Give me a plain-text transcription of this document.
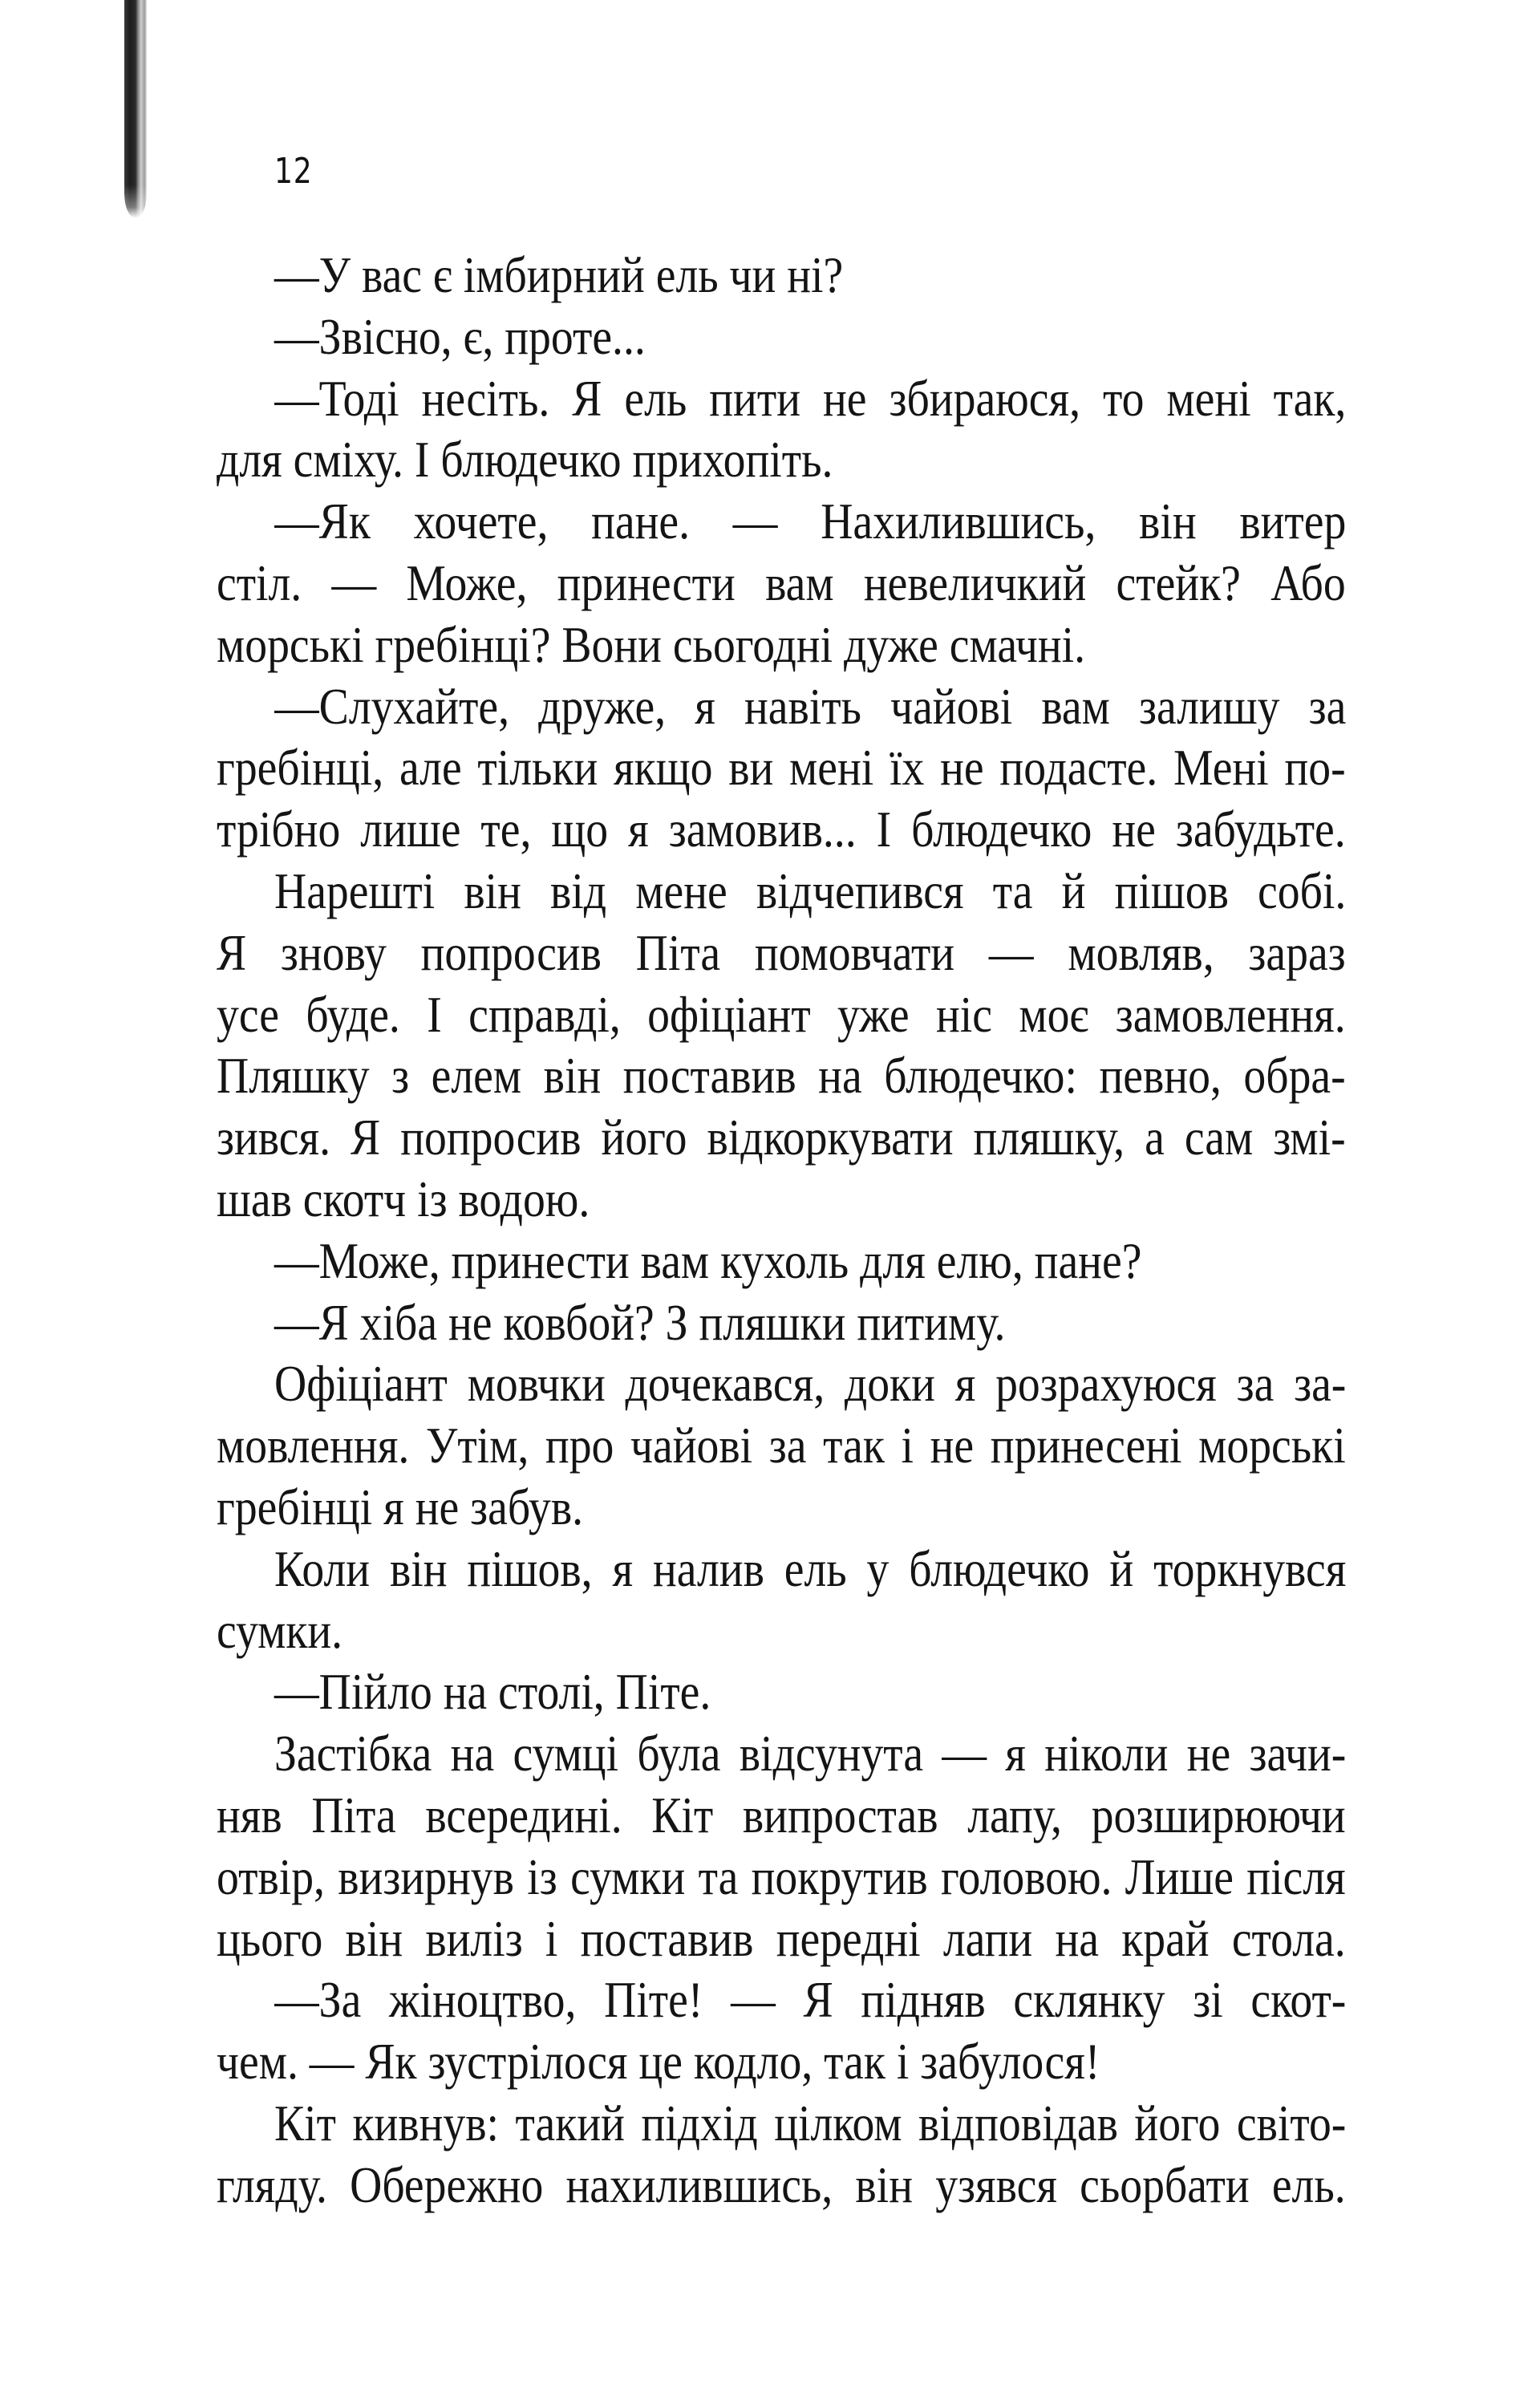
12
—У вас є імбирний ель чи ні?
—Звісно, є, проте...
—Тоді несіть. Я ель пити не збираюся, то мені так,
для сміху. І блюдечко прихопіть.
—Як хочете, пане. — Нахилившись, він витер
стіл. — Може, принести вам невеличкий стейк? Або
морські гребінці? Вони сьогодні дуже смачні.
—Слухайте, друже, я навіть чайові вам залишу за
гребінці, але тільки якщо ви мені їх не подасте. Мені по-
трібно лише те, що я замовив... І блюдечко не забудьте.
Нарешті він від мене відчепився та й пішов собі.
Я знову попросив Піта помовчати — мовляв, зараз
усе буде. І справді, офіціант уже ніс моє замовлення.
Пляшку з елем він поставив на блюдечко: певно, обра-
зився. Я попросив його відкоркувати пляшку, а сам змі-
шав скотч із водою.
—Може, принести вам кухоль для елю, пане?
—Я хіба не ковбой? З пляшки питиму.
Офіціант мовчки дочекався, доки я розрахуюся за за-
мовлення. Утім, про чайові за так і не принесені морські
гребінці я не забув.
Коли він пішов, я налив ель у блюдечко й торкнувся
сумки.
—Пійло на столі, Піте.
Застібка на сумці була відсунута — я ніколи не зачи-
няв Піта всередині. Кіт випростав лапу, розширюючи
отвір, визирнув із сумки та покрутив головою. Лише після
цього він виліз і поставив передні лапи на край стола.
—За жіноцтво, Піте! — Я підняв склянку зі скот-
чем. — Як зустрілося це кодло, так і забулося!
Кіт кивнув: такий підхід цілком відповідав його світо-
гляду. Обережно нахилившись, він узявся сьорбати ель.
